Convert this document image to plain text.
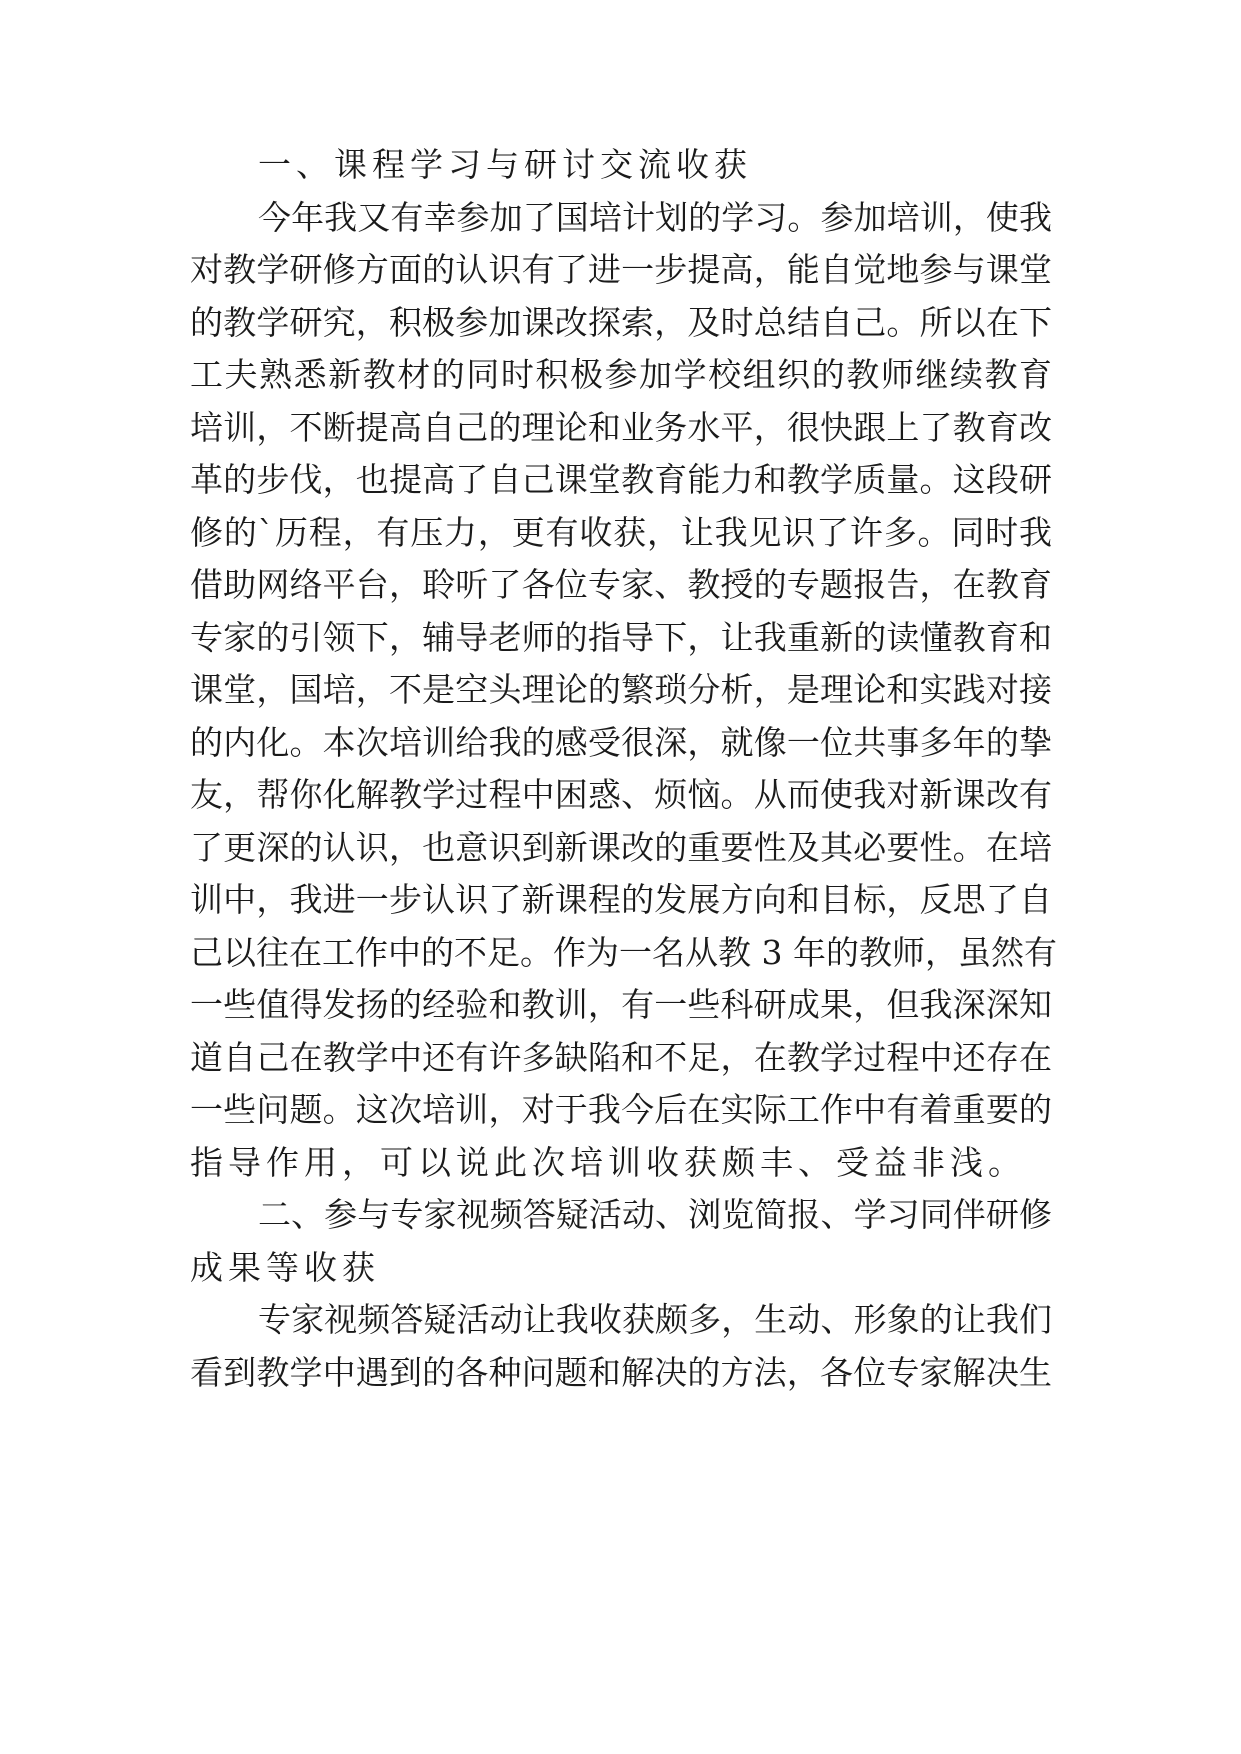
一、课程学习与研讨交流收获
今年我又有幸参加了国培计划的学习。参加培训，使我
对教学研修方面的认识有了进一步提高，能自觉地参与课堂
的教学研究，积极参加课改探索，及时总结自己。所以在下
工夫熟悉新教材的同时积极参加学校组织的教师继续教育
培训，不断提高自己的理论和业务水平，很快跟上了教育改
革的步伐，也提高了自己课堂教育能力和教学质量。这段研
修的`历程，有压力，更有收获，让我见识了许多。同时我
借助网络平台，聆听了各位专家、教授的专题报告，在教育
专家的引领下，辅导老师的指导下，让我重新的读懂教育和
课堂，国培，不是空头理论的繁琐分析，是理论和实践对接
的内化。本次培训给我的感受很深，就像一位共事多年的挚
友，帮你化解教学过程中困惑、烦恼。从而使我对新课改有
了更深的认识，也意识到新课改的重要性及其必要性。在培
训中，我进一步认识了新课程的发展方向和目标，反思了自
己以往在工作中的不足。作为一名从教 3 年的教师，虽然有
一些值得发扬的经验和教训，有一些科研成果，但我深深知
道自己在教学中还有许多缺陷和不足，在教学过程中还存在
一些问题。这次培训，对于我今后在实际工作中有着重要的
指导作用，可以说此次培训收获颇丰、受益非浅。
二、参与专家视频答疑活动、浏览简报、学习同伴研修
成果等收获
专家视频答疑活动让我收获颇多，生动、形象的让我们
看到教学中遇到的各种问题和解决的方法，各位专家解决生
